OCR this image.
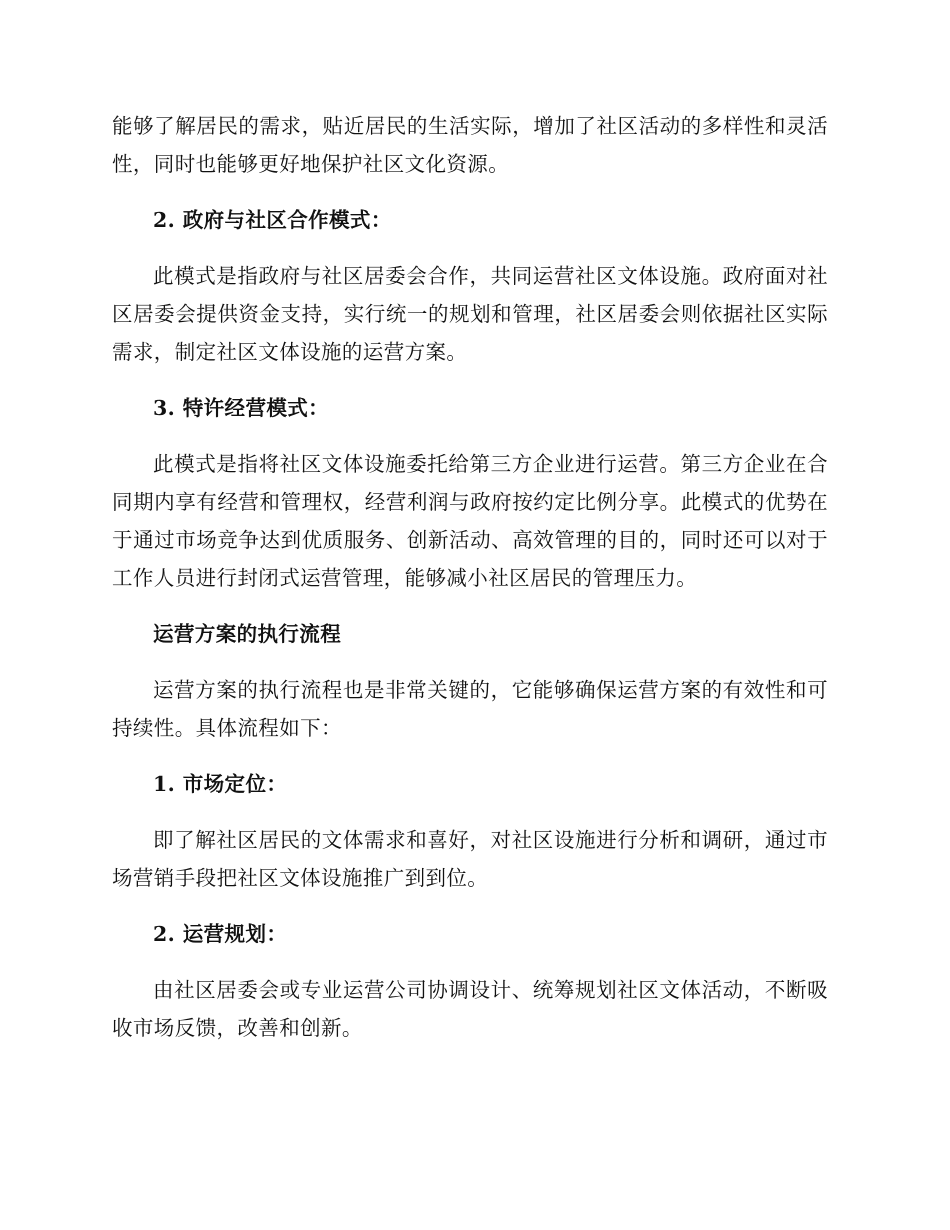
能够了解居民的需求，贴近居民的生活实际，增加了社区活动的多样性和灵活性，同时也能够更好地保护社区文化资源。

2. 政府与社区合作模式：

此模式是指政府与社区居委会合作，共同运营社区文体设施。政府面对社区居委会提供资金支持，实行统一的规划和管理，社区居委会则依据社区实际需求，制定社区文体设施的运营方案。

3. 特许经营模式：

此模式是指将社区文体设施委托给第三方企业进行运营。第三方企业在合同期内享有经营和管理权，经营利润与政府按约定比例分享。此模式的优势在于通过市场竞争达到优质服务、创新活动、高效管理的目的，同时还可以对于工作人员进行封闭式运营管理，能够减小社区居民的管理压力。

运营方案的执行流程

运营方案的执行流程也是非常关键的，它能够确保运营方案的有效性和可持续性。具体流程如下：

1. 市场定位：

即了解社区居民的文体需求和喜好，对社区设施进行分析和调研，通过市场营销手段把社区文体设施推广到到位。

2. 运营规划：

由社区居委会或专业运营公司协调设计、统筹规划社区文体活动，不断吸收市场反馈，改善和创新。
